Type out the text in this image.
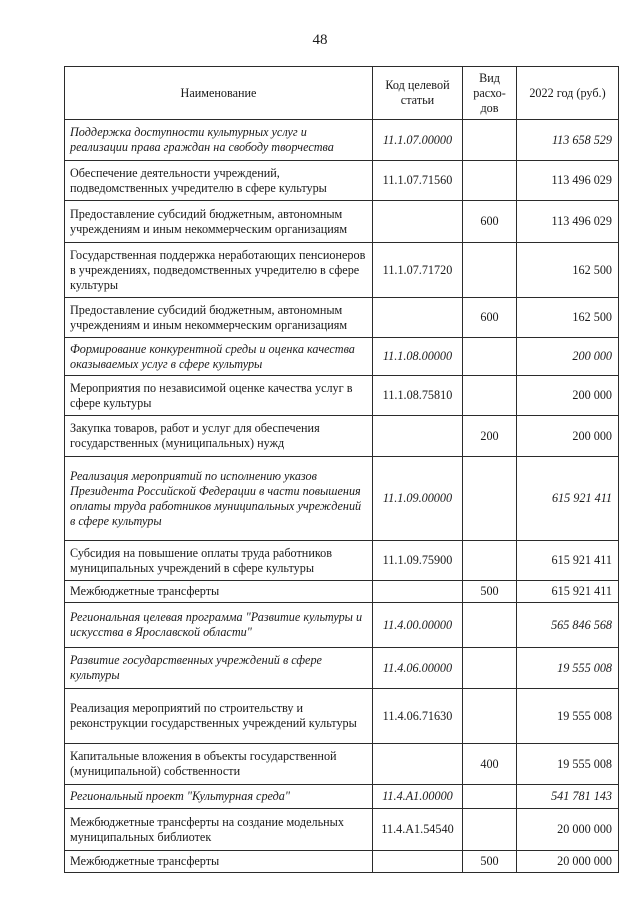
48
Наименование	Код целевой статьи	Вид расхо-дов	2022 год (руб.)
Поддержка доступности культурных услуг и реализации права граждан на свободу творчества	11.1.07.00000		113 658 529
Обеспечение деятельности учреждений, подведомственных учредителю в сфере культуры	11.1.07.71560		113 496 029
Предоставление субсидий бюджетным, автономным учреждениям и иным некоммерческим организациям		600	113 496 029
Государственная поддержка неработающих пенсионеров в учреждениях, подведомственных учредителю в сфере культуры	11.1.07.71720		162 500
Предоставление субсидий бюджетным, автономным учреждениям и иным некоммерческим организациям		600	162 500
Формирование конкурентной среды и оценка качества оказываемых услуг в сфере культуры	11.1.08.00000		200 000
Мероприятия по независимой оценке качества услуг в сфере культуры	11.1.08.75810		200 000
Закупка товаров, работ и услуг для обеспечения государственных (муниципальных) нужд		200	200 000
Реализация мероприятий по исполнению указов Президента Российской Федерации в части повышения оплаты труда работников муниципальных учреждений в сфере культуры	11.1.09.00000		615 921 411
Субсидия на повышение оплаты труда работников муниципальных учреждений в сфере культуры	11.1.09.75900		615 921 411
Межбюджетные трансферты		500	615 921 411
Региональная целевая программа "Развитие культуры и искусства в Ярославской области"	11.4.00.00000		565 846 568
Развитие государственных учреждений в сфере культуры	11.4.06.00000		19 555 008
Реализация мероприятий по строительству и реконструкции государственных учреждений культуры	11.4.06.71630		19 555 008
Капитальные вложения в объекты государственной (муниципальной) собственности		400	19 555 008
Региональный проект "Культурная среда"	11.4.A1.00000		541 781 143
Межбюджетные трансферты на создание модельных муниципальных библиотек	11.4.A1.54540		20 000 000
Межбюджетные трансферты		500	20 000 000
